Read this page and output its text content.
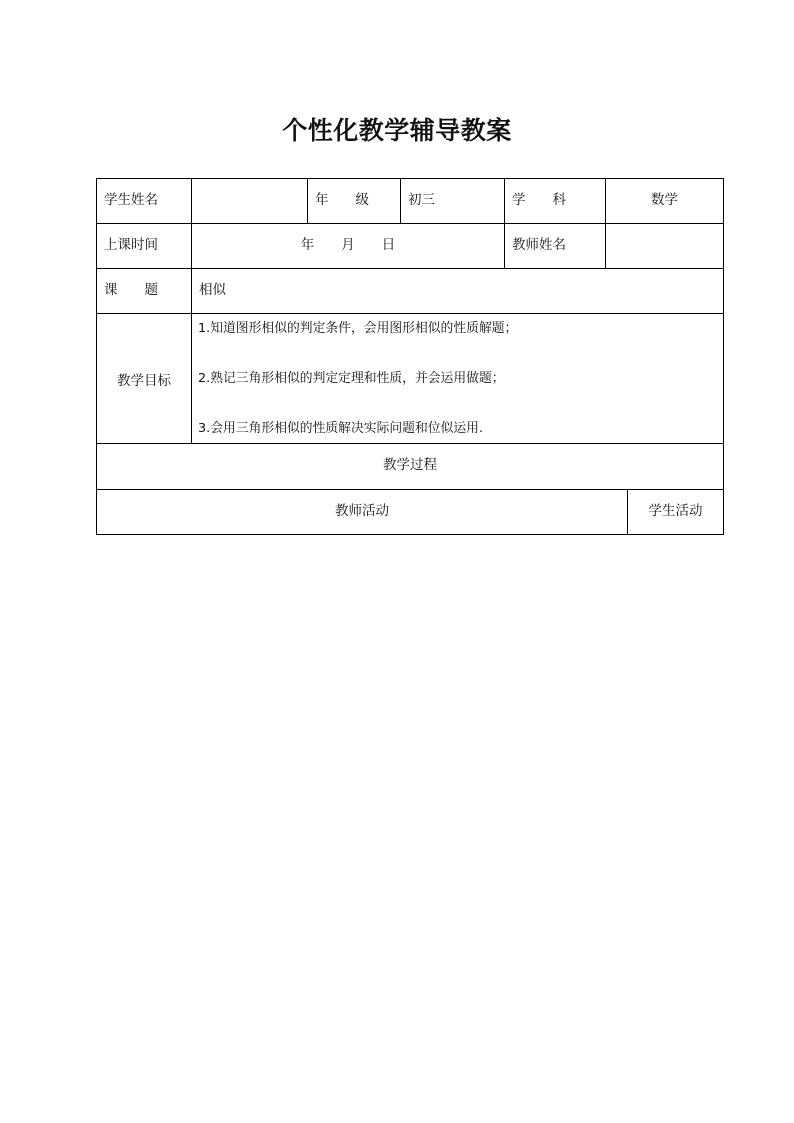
个性化教学辅导教案
学生姓名		年　　级	初三	学　　科	数学	

上课时间	年　　月　　日			教师姓名		

课　　题	相似					

教学目标	1.知道图形相似的判定条件，会用图形相似的性质解题；
2.熟记三角形相似的判定定理和性质，并会运用做题；
3.会用三角形相似的性质解决实际问题和位似运用.					

教学过程						

教师活动						学生活动
